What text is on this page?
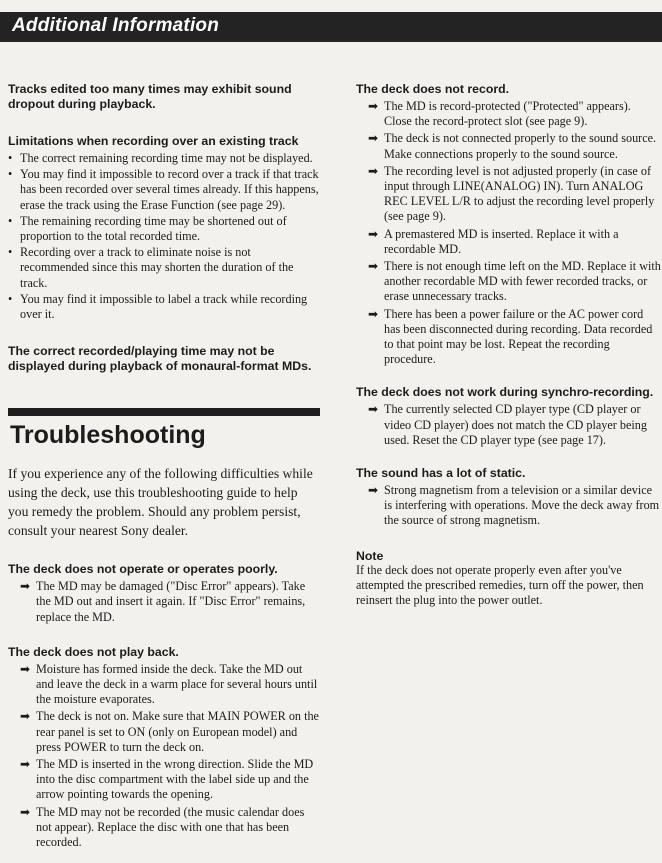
Additional Information

Tracks edited too many times may exhibit sound dropout during playback.

Limitations when recording over an existing track

• The correct remaining recording time may not be displayed.
• You may find it impossible to record over a track if that track has been recorded over several times already. If this happens, erase the track using the Erase Function (see page 29).
• The remaining recording time may be shortened out of proportion to the total recorded time.
• Recording over a track to eliminate noise is not recommended since this may shorten the duration of the track.
• You may find it impossible to label a track while recording over it.

The correct recorded/playing time may not be displayed during playback of monaural-format MDs.

Troubleshooting

If you experience any of the following difficulties while using the deck, use this troubleshooting guide to help you remedy the problem. Should any problem persist, consult your nearest Sony dealer.

The deck does not operate or operates poorly.

➡ The MD may be damaged ("Disc Error" appears). Take the MD out and insert it again. If "Disc Error" remains, replace the MD.

The deck does not play back.

➡ Moisture has formed inside the deck. Take the MD out and leave the deck in a warm place for several hours until the moisture evaporates.
➡ The deck is not on. Make sure that MAIN POWER on the rear panel is set to ON (only on European model) and press POWER to turn the deck on.
➡ The MD is inserted in the wrong direction. Slide the MD into the disc compartment with the label side up and the arrow pointing towards the opening.
➡ The MD may not be recorded (the music calendar does not appear). Replace the disc with one that has been recorded.

The deck does not record.

➡ The MD is record-protected ("Protected" appears). Close the record-protect slot (see page 9).
➡ The deck is not connected properly to the sound source. Make connections properly to the sound source.
➡ The recording level is not adjusted properly (in case of input through LINE(ANALOG) IN). Turn ANALOG REC LEVEL L/R to adjust the recording level properly (see page 9).
➡ A premastered MD is inserted. Replace it with a recordable MD.
➡ There is not enough time left on the MD. Replace it with another recordable MD with fewer recorded tracks, or erase unnecessary tracks.
➡ There has been a power failure or the AC power cord has been disconnected during recording. Data recorded to that point may be lost. Repeat the recording procedure.

The deck does not work during synchro-recording.

➡ The currently selected CD player type (CD player or video CD player) does not match the CD player being used. Reset the CD player type (see page 17).

The sound has a lot of static.

➡ Strong magnetism from a television or a similar device is interfering with operations. Move the deck away from the source of strong magnetism.

Note

If the deck does not operate properly even after you've attempted the prescribed remedies, turn off the power, then reinsert the plug into the power outlet.
